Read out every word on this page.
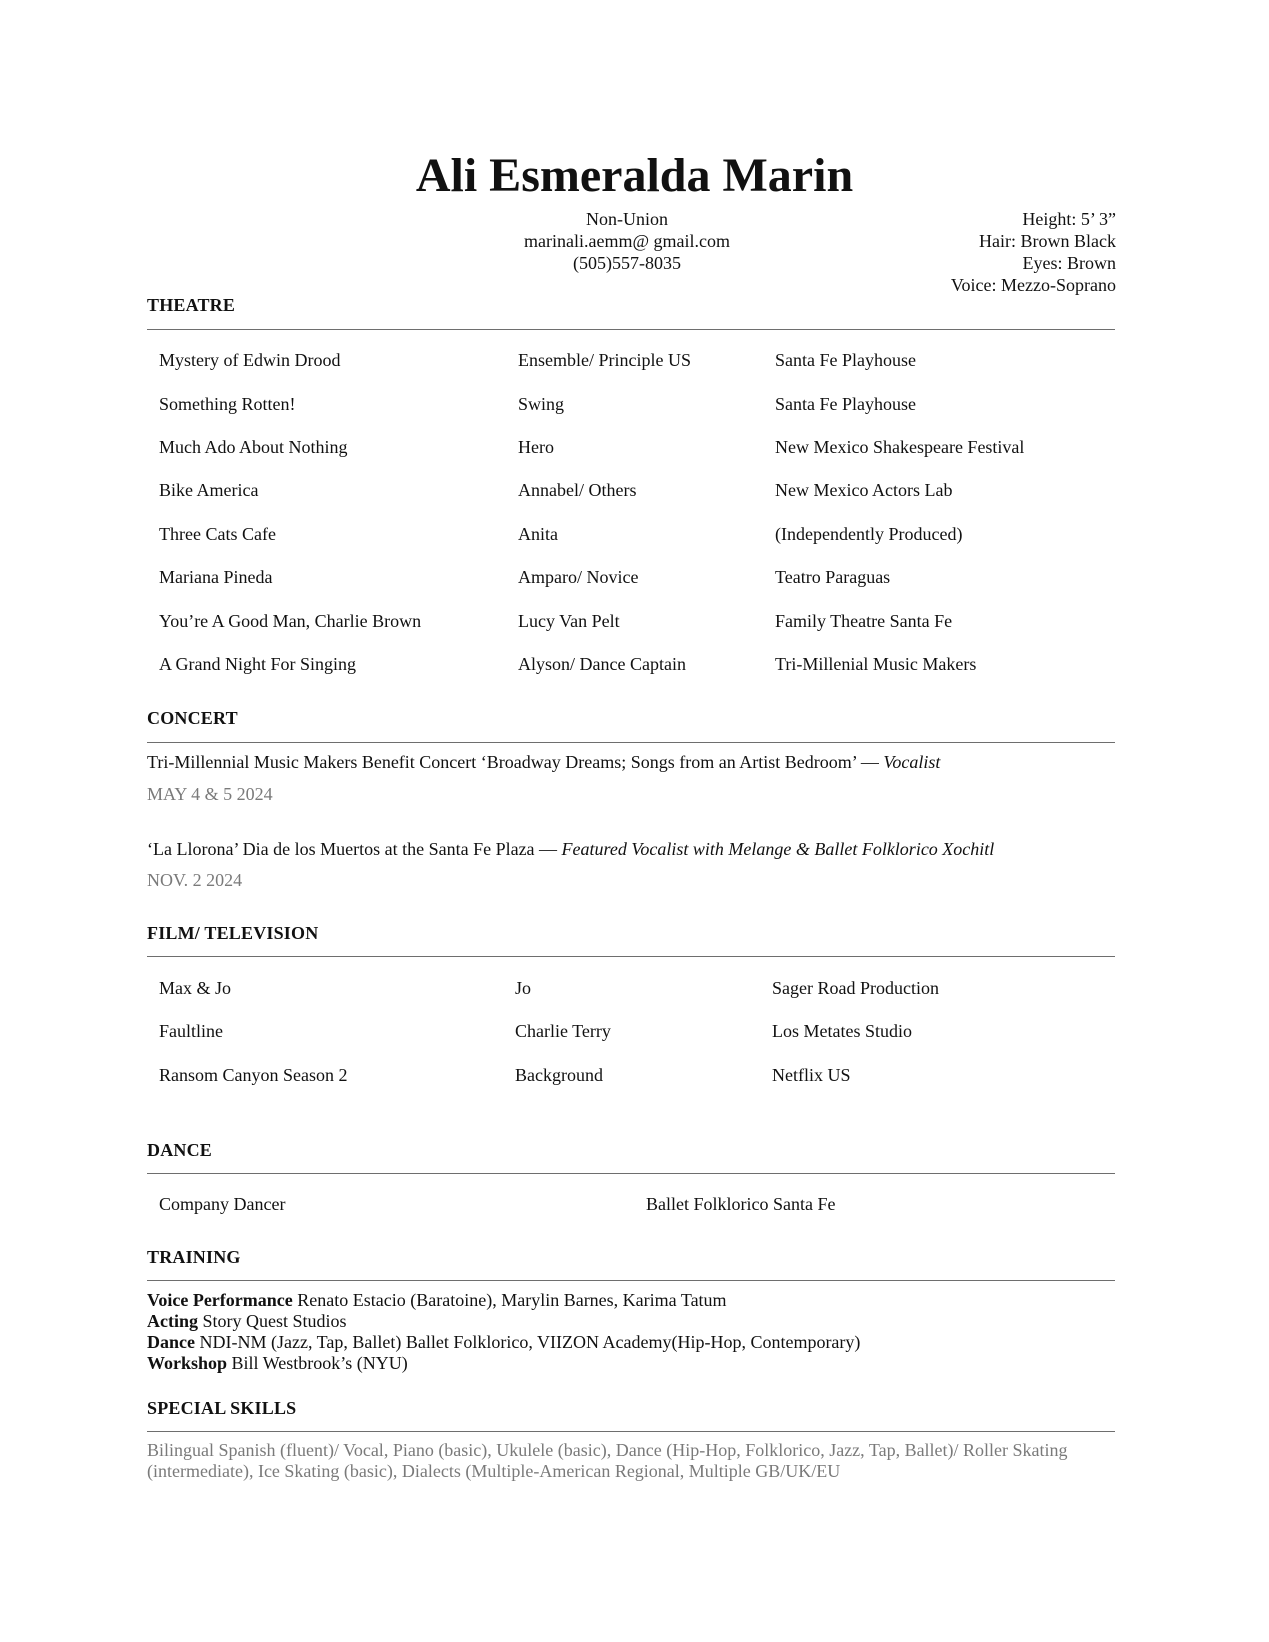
Ali Esmeralda Marin
Non-Union
marinali.aemm@ gmail.com
(505)557-8035
Height: 5’ 3”
Hair: Brown Black
Eyes: Brown
Voice: Mezzo-Soprano
THEATRE
Mystery of Edwin Drood	Ensemble/ Principle US	Santa Fe Playhouse
Something Rotten!	Swing	Santa Fe Playhouse
Much Ado About Nothing	Hero	New Mexico Shakespeare Festival
Bike America	Annabel/ Others	New Mexico Actors Lab
Three Cats Cafe	Anita	(Independently Produced)
Mariana Pineda	Amparo/ Novice	Teatro Paraguas
You’re A Good Man, Charlie Brown	Lucy Van Pelt	Family Theatre Santa Fe
A Grand Night For Singing	Alyson/ Dance Captain	Tri-Millenial Music Makers
CONCERT
Tri-Millennial Music Makers Benefit Concert ‘Broadway Dreams; Songs from an Artist Bedroom’ — Vocalist
MAY 4 & 5 2024
‘La Llorona’ Dia de los Muertos at the Santa Fe Plaza — Featured Vocalist with Melange & Ballet Folklorico Xochitl
NOV. 2 2024
FILM/ TELEVISION
Max & Jo	Jo	Sager Road Production
Faultline	Charlie Terry	Los Metates Studio
Ransom Canyon Season 2	Background	Netflix US
DANCE
Company Dancer	Ballet Folklorico Santa Fe
TRAINING
Voice Performance Renato Estacio (Baratoine), Marylin Barnes, Karima Tatum
Acting Story Quest Studios
Dance NDI-NM (Jazz, Tap, Ballet) Ballet Folklorico, VIIZON Academy(Hip-Hop, Contemporary)
Workshop Bill Westbrook’s (NYU)
SPECIAL SKILLS
Bilingual Spanish (fluent)/ Vocal, Piano (basic), Ukulele (basic), Dance (Hip-Hop, Folklorico, Jazz, Tap, Ballet)/ Roller Skating (intermediate), Ice Skating (basic), Dialects (Multiple-American Regional, Multiple GB/UK/EU
